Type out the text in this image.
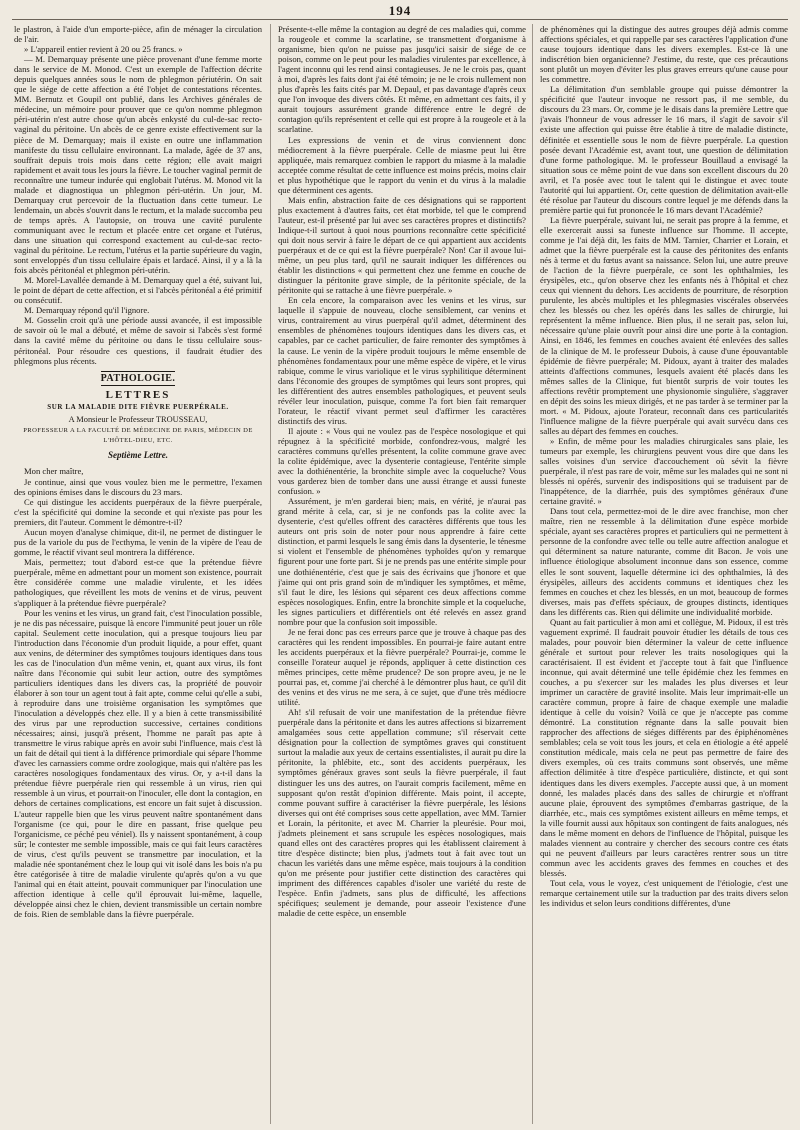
194

le plastron, à l'aide d'un emporte-pièce, afin de ménager la circulation de l'air.

» L'appareil entier revient à 20 ou 25 francs. »

— M. Demarquay présente une pièce provenant d'une femme morte dans le service de M. Monod. C'est un exemple de l'affection décrite depuis quelques années sous le nom de phlegmon périutérin. On sait que le siége de cette affection a été l'objet de contestations récentes. MM. Bernutz et Goupil ont publié, dans les Archives générales de médecine, un mémoire pour prouver que ce qu'on nomme phlegmon péri-utérin n'est autre chose qu'un abcès enkysté du cul-de-sac recto-vaginal du péritoine. Un abcès de ce genre existe effectivement sur la pièce de M. Demarquay; mais il existe en outre une inflammation manifeste du tissu cellulaire environnant. La malade, âgée de 37 ans, souffrait depuis trois mois dans cette région; elle avait maigri rapidement et avait tous les jours la fièvre. Le toucher vaginal permit de reconnaître une tumeur indurée qui englobait l'utérus. M. Monod vit la malade et diagnostiqua un phlegmon péri-utérin. Un jour, M. Demarquay crut percevoir de la fluctuation dans cette tumeur. Le lendemain, un abcès s'ouvrit dans le rectum, et la malade succomba peu de temps après. A l'autopsie, on trouva une cavité purulente communiquant avec le rectum et placée entre cet organe et l'utérus, dans une situation qui correspond exactement au cul-de-sac recto-vaginal du péritoine. Le rectum, l'utérus et la partie supérieure du vagin, sont enveloppés d'un tissu cellulaire épais et lardacé. Ainsi, il y a là la fois abcès péritonéal et phlegmon péri-utérin.

M. Morel-Lavallée demande à M. Demarquay quel a été, suivant lui, le point de départ de cette affection, et si l'abcès péritonéal a été primitif ou consécutif.

M. Demarquay répond qu'il l'ignore.

M. Gosselin croit qu'à une période aussi avancée, il est impossible de savoir où le mal a débuté, et même de savoir si l'abcès s'est formé dans la cavité même du péritoine ou dans le tissu cellulaire sous-péritonéal. Pour résoudre ces questions, il faudrait étudier des phlegmons plus récents.

PATHOLOGIE.
LETTRES
SUR LA MALADIE DITE FIÈVRE PUERPÉRALE.
A Monsieur le Professeur TROUSSEAU,
PROFESSEUR A LA FACULTÉ DE MÉDECINE DE PARIS, MÉDECIN DE L'HÔTEL-DIEU, ETC.
Septième Lettre.

Mon cher maître,

Je continue, ainsi que vous voulez bien me le permettre, l'examen des opinions émises dans le discours du 23 mars.

Ce qui distingue les accidents puerpéraux de la fièvre puerpérale, c'est la spécificité qui domine la seconde et qui n'existe pas pour les premiers, dit l'auteur. Comment le démontre-t-il?

Aucun moyen d'analyse chimique, dit-il, ne permet de distinguer le pus de la variole du pus de l'ecthyma, le venin de la vipère de l'eau de gomme, le réactif vivant seul montrera la différence.

Mais, permettez; tout d'abord est-ce que la prétendue fièvre puerpérale, même en admettant pour un moment son existence, pourrait être considérée comme une maladie virulente, et les idées pathologiques, que réveillent les mots de venins et de virus, peuvent s'appliquer à la prétendue fièvre puerpérale?

Pour les venins et les virus, un grand fait, c'est l'inoculation possible, je ne dis pas nécessaire, puisque là encore l'immunité peut jouer un rôle capital. Seulement cette inoculation, qui a presque toujours lieu par l'introduction dans l'économie d'un produit liquide, a pour effet, quant aux venins, de déterminer des symptômes toujours identiques dans tous les cas de l'inoculation d'un même venin, et, quant aux virus, ils font naître dans l'économie qui subit leur action, outre des symptômes particuliers identiques dans les divers cas, la propriété de pouvoir élaborer à son tour un agent tout à fait apte, comme celui qu'elle a subi, à reproduire dans une troisième organisation les symptômes que l'inoculation a développés chez elle. Il y a bien à cette transmissibilité des virus par une reproduction successive, certaines conditions nécessaires; ainsi, jusqu'à présent, l'homme ne paraît pas apte à transmettre le virus rabique après en avoir subi l'influence, mais c'est là un fait de détail qui tient à la différence primordiale qui sépare l'homme d'avec les carnassiers comme ordre zoologique, mais qui n'altère pas les caractères nosologiques fondamentaux des virus. Or, y a-t-il dans la prétendue fièvre puerpérale rien qui ressemble à un virus, rien qui ressemble à un virus, et pourrait-on l'inoculer, elle dont la contagion, en dehors de certaines complications, est encore un fait sujet à discussion. L'auteur rappelle bien que les virus peuvent naître spontanément dans l'organisme (ce qui, pour le dire en passant, frise quelque peu l'organicisme, ce péché peu véniel). Ils y naissent spontanément, à coup sûr; le contester me semble impossible, mais ce qui fait leurs caractères de virus, c'est qu'ils peuvent se transmettre par inoculation, et la maladie née spontanément chez le loup qui vit isolé dans les bois n'a pu être catégorisée à titre de maladie virulente qu'après qu'on a vu que l'animal qui en était atteint, pouvait communiquer par l'inoculation une affection identique à celle qu'il éprouvait lui-même, laquelle, développée ainsi chez le chien, devient transmissible un certain nombre de fois. Rien de semblable dans la fièvre puerpérale.

Présente-t-elle même la contagion au degré de ces maladies qui, comme la rougeole et comme la scarlatine, se transmettent d'organisme à organisme, bien qu'on ne puisse pas jusqu'ici saisir de siége de ce poison, comme on le peut pour les maladies virulentes par excellence, à l'agent inconnu qui les rend ainsi contagieuses. Je ne le crois pas, quant à moi, d'après les faits dont j'ai été témoin; je ne le crois nullement non plus d'après les faits cités par M. Depaul, et pas davantage d'après ceux que l'on invoque des divers côtés. Et même, en admettant ces faits, il y aurait toujours assurément grande différence entre le degré de contagion qu'ils représentent et celle qui est propre à la rougeole et à la scarlatine.

Les expressions de venin et de virus conviennent donc médiocrement à la fièvre puerpérale. Celle de miasme peut lui être appliquée, mais remarquez combien le rapport du miasme à la maladie acceptée comme résultat de cette influence est moins précis, moins clair et plus hypothétique que le rapport du venin et du virus à la maladie que déterminent ces agents.

Mais enfin, abstraction faite de ces désignations qui se rapportent plus exactement à d'autres faits, cet état morbide, tel que le comprend l'auteur, est-il présenté par lui avec ses caractères propres et distinctifs? Indique-t-il surtout à quoi nous pourrions reconnaître cette spécificité qui doit nous servir à faire le départ de ce qui appartient aux accidents puerpéraux et de ce qui est la fièvre puerpérale? Non! Car il avoue lui-même, un peu plus tard, qu'il ne saurait indiquer les différences ou établir les distinctions « qui permettent chez une femme en couche de distinguer la péritonite grave simple, de la péritonite spéciale, de la péritonite qui se rattache à une fièvre puerpérale. »

En cela encore, la comparaison avec les venins et les virus, sur laquelle il s'appuie de nouveau, cloche sensiblement, car venins et virus, contrairement au virus puerpéral qu'il admet, déterminent des ensembles de phénomènes toujours identiques dans les divers cas, et capables, par ce cachet particulier, de faire remonter des symptômes à la cause. Le venin de la vipère produit toujours le même ensemble de phénomènes fondamentaux pour une même espèce de vipère, et le virus rabique, comme le virus variolique et le virus syphilitique déterminent dans l'économie des groupes de symptômes qui leurs sont propres, qui les différentient des autres ensembles pathologiques, et peuvent seuls révéler leur inoculation, puisque, comme l'a fort bien fait remarquer l'orateur, le réactif vivant permet seul d'affirmer les caractères distinctifs des virus.

Il ajoute : « Vous qui ne voulez pas de l'espèce nosologique et qui répugnez à la spécificité morbide, confondrez-vous, malgré les caractères communs qu'elles présentent, la colite commune grave avec la colite épidémique, avec la dysenterie contagieuse, l'entérite simple avec la dothiénentérie, la bronchite simple avec la coqueluche? Vous vous garderez bien de tomber dans une aussi étrange et aussi funeste confusion. »

Assurément, je m'en garderai bien; mais, en vérité, je n'aurai pas grand mérite à cela, car, si je ne confonds pas la colite avec la dysenterie, c'est qu'elles offrent des caractères différents que tous les auteurs ont pris soin de noter pour nous apprendre à faire cette distinction, et parmi lesquels le sang émis dans la dysenterie, le ténesme si violent et l'ensemble de phénomènes typhoïdes qu'on y remarque figurent pour une forte part. Si je ne prends pas une entérite simple pour une dothiénentérie, c'est que je sais des écrivains que j'honore et que j'aime qui ont pris grand soin de m'indiquer les symptômes, et même, s'il faut le dire, les lésions qui séparent ces deux affections comme espèces nosologiques. Enfin, entre la bronchite simple et la coqueluche, les signes particuliers et différentiels ont été relevés en assez grand nombre pour que la confusion soit impossible.

Je ne ferai donc pas ces erreurs parce que je trouve à chaque pas des caractères qui les rendent impossibles. En pourrai-je faire autant entre les accidents puerpéraux et la fièvre puerpérale? Pourrai-je, comme le conseille l'orateur auquel je réponds, appliquer à cette distinction ces mêmes principes, cette même prudence? De son propre aveu, je ne le pourrai pas, et, comme j'ai cherché à le démontrer plus haut, ce qu'il dit des venins et des virus ne me sera, à ce sujet, que d'une très médiocre utilité.

Ah! s'il refusait de voir une manifestation de la prétendue fièvre puerpérale dans la péritonite et dans les autres affections si bizarrement amalgamées sous cette appellation commune; s'il réservait cette désignation pour la collection de symptômes graves qui constituent surtout la maladie aux yeux de certains essentialistes, il aurait pu dire la péritonite, la phlébite, etc., sont des accidents puerpéraux, les symptômes généraux graves sont seuls la fièvre puerpérale, il faut distinguer les uns des autres, on l'aurait compris facilement, même en supposant qu'on restât d'opinion différente. Mais point, il accepte, comme pouvant suffire à caractériser la fièvre puerpérale, les lésions diverses qui ont été comprises sous cette appellation, avec MM. Tarnier et Lorain, la péritonite, et avec M. Charrier la pleurésie. Pour moi, j'admets pleinement et sans scrupule les espèces nosologiques, mais quand elles ont des caractères propres qui les établissent clairement à titre d'espèce distincte; bien plus, j'admets tout à fait avec tout un chacun les variétés dans une même espèce, mais toujours à la condition qu'on me présente pour justifier cette distinction des caractères qui impriment des différences capables d'isoler une variété du reste de l'espèce. Enfin j'admets, sans plus de difficulté, les affections spécifiques; seulement je demande, pour asseoir l'existence d'une maladie de cette espèce, un ensemble

de phénomènes qui la distingue des autres groupes déjà admis comme affections spéciales, et qui rappelle par ses caractères l'application d'une cause toujours identique dans les divers exemples. Est-ce là une indiscrétion bien organicienne? J'estime, du reste, que ces précautions sont plutôt un moyen d'éviter les plus graves erreurs qu'une cause pour les commettre.

La délimitation d'un semblable groupe qui puisse démontrer la spécificité que l'auteur invoque ne ressort pas, il me semble, du discours du 23 mars. Or, comme je le disais dans la première Lettre que j'avais l'honneur de vous adresser le 16 mars, il s'agit de savoir s'il existe une affection qui puisse être établie à titre de maladie distincte, définitée et essentielle sous le nom de fièvre puerpérale. La question posée devant l'Académie est, avant tout, une question de délimitation d'une forme pathologique. M. le professeur Bouillaud a envisagé la situation sous ce même point de vue dans son excellent discours du 20 avril, et l'a posée avec tout le talent qui le distingue et avec toute l'autorité qui lui appartient. Or, cette question de délimitation avait-elle été résolue par l'auteur du discours contre lequel je me défends dans la première partie qui fut prononcée le 16 mars devant l'Académie?

La fièvre puerpérale, suivant lui, ne serait pas propre à la femme, et elle exercerait aussi sa funeste influence sur l'homme. Il accepte, comme je l'ai déjà dit, les faits de MM. Tarnier, Charrier et Lorain, et admet que la fièvre puerpérale est la cause des péritonites des enfants nés à terme et du fœtus avant sa naissance. Selon lui, une autre preuve de l'action de la fièvre puerpérale, ce sont les ophthalmies, les érysipèles, etc., qu'on observe chez les enfants nés à l'hôpital et chez ceux qui viennent du dehors. Les accidents de pourriture, de résorption purulente, les abcès multiples et les phlegmasies viscérales observées chez les blessés ou chez les opérés dans les salles de chirurgie, lui représentent la même influence. Bien plus, il ne serait pas, selon lui, nécessaire qu'une plaie ouvrît pour ainsi dire une porte à la contagion. Ainsi, en 1846, les femmes en couches avaient été enlevées des salles de la clinique de M. le professeur Dubois, à cause d'une épouvantable épidémie de fièvre puerpérale; M. Pidoux, ayant à traiter des malades atteints d'affections communes, lesquels avaient été placés dans les mêmes salles de la Clinique, fut bientôt surpris de voir toutes les affections revêtir promptement une physionomie singulière, s'aggraver en dépit des soins les mieux dirigés, et ne pas tarder à se terminer par la mort. « M. Pidoux, ajoute l'orateur, reconnaît dans ces particularités l'influence maligne de la fièvre puerpérale qui avait survécu dans ces salles au départ des femmes en couches.

» Enfin, de même pour les maladies chirurgicales sans plaie, les tumeurs par exemple, les chirurgiens peuvent vous dire que dans les salles voisines d'un service d'accouchement où sévit la fièvre puerpérale, il n'est pas rare de voir, même sur les malades qui ne sont ni blessés ni opérés, survenir des indispositions qui se traduisent par de l'inappétence, de la diarrhée, puis des symptômes généraux d'une certaine gravité. »

Dans tout cela, permettez-moi de le dire avec franchise, mon cher maître, rien ne ressemble à la délimitation d'une espèce morbide spéciale, ayant ses caractères propres et particuliers qui ne permettent à personne de la confondre avec telle ou telle autre affection analogue et qui déterminent sa nature naturante, comme dit Bacon. Je vois une influence étiologique absolument inconnue dans son essence, comme elles le sont souvent, laquelle détermine ici des ophthalmies, là des érysipèles, ailleurs des accidents communs et identiques chez les femmes en couches et chez les blessés, en un mot, beaucoup de formes diverses, mais pas d'effets spéciaux, de groupes distincts, identiques dans les différents cas. Rien qui délimite une individualité morbide.

Quant au fait particulier à mon ami et collègue, M. Pidoux, il est très vaguement exprimé. Il faudrait pouvoir étudier les détails de tous ces malades, pour pouvoir bien déterminer la valeur de cette influence générale et surtout pour relever les traits nosologiques qui la caractérisaient. Il est évident et j'accepte tout à fait que l'influence inconnue, qui avait déterminé une telle épidémie chez les femmes en couches, a pu s'exercer sur les malades les plus diverses et leur imprimer un caractère de gravité insolite. Mais leur imprimait-elle un caractère commun, propre à faire de chaque exemple une maladie identique à celle du voisin? Voilà ce que je n'accepte pas comme démontré. La constitution régnante dans la salle pouvait bien rapprocher des affections de siéges différents par des épiphénomènes semblables; cela se voit tous les jours, et cela en étiologie a été appelé constitution médicale, mais cela ne peut pas permettre de faire des divers exemples, où ces traits communs sont observés, une même affection délimitée à titre d'espèce particulière, distincte, et qui sont identiques dans les divers exemples. J'accepte aussi que, à un moment donné, les malades placés dans des salles de chirurgie et n'offrant aucune plaie, éprouvent des symptômes d'embarras gastrique, de la diarrhée, etc., mais ces symptômes existent ailleurs en même temps, et la ville fournit aussi aux hôpitaux son contingent de faits analogues, nés dans le même moment en dehors de l'influence de l'hôpital, puisque les malades viennent au contraire y chercher des secours contre ces états qui ne peuvent d'ailleurs par leurs caractères rentrer sous un titre commun avec les accidents graves des femmes en couches et des blessés.

Tout cela, vous le voyez, c'est uniquement de l'étiologie, c'est une remarque certainement utile sur la traduction par des traits divers selon les individus et selon leurs conditions différentes, d'une
